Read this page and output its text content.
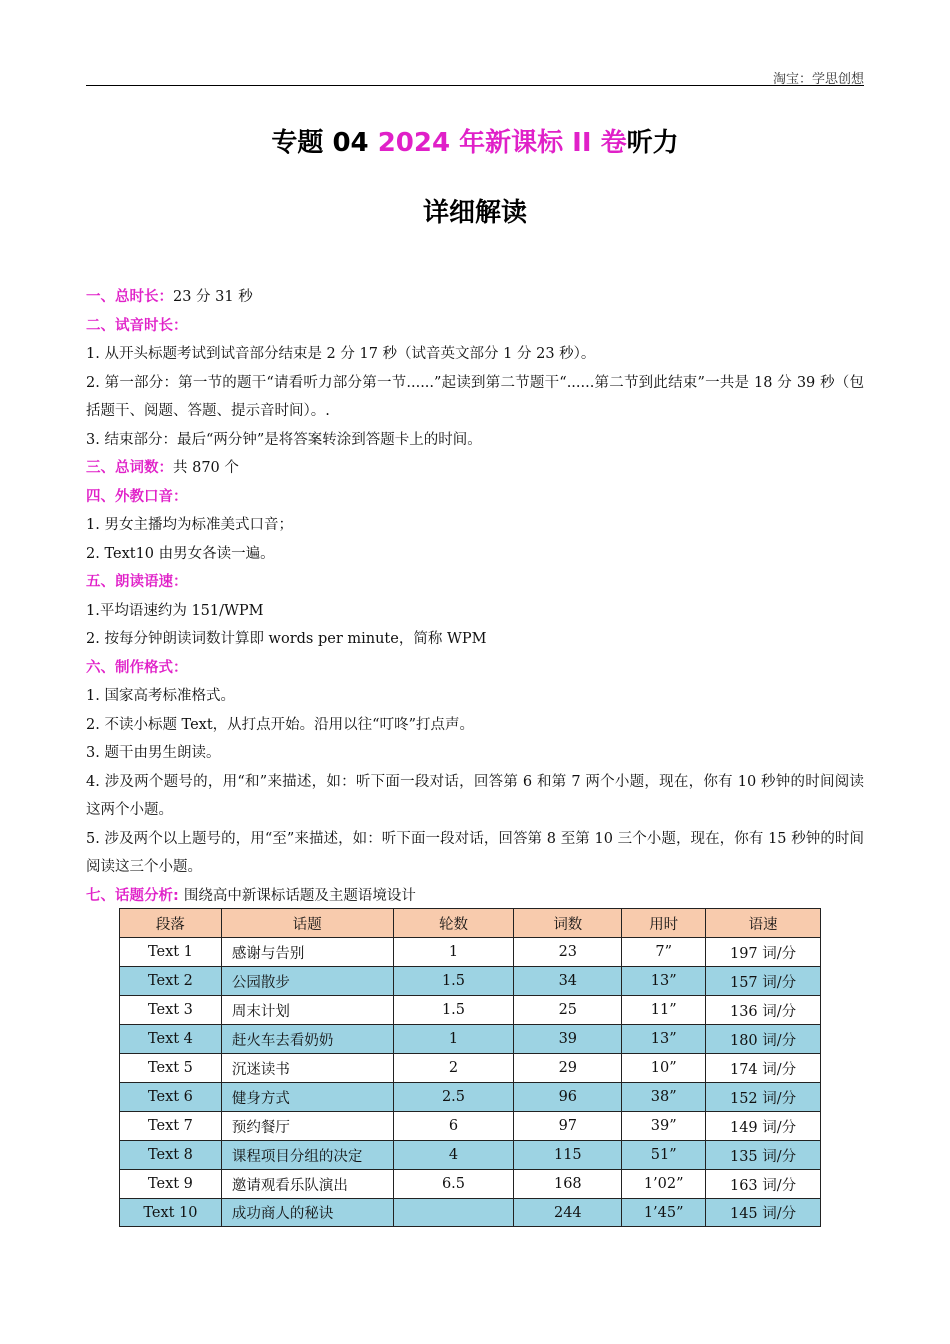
淘宝：学思创想
专题 04 2024 年新课标 II 卷听力
详细解读
一、总时长：23 分 31 秒
二、试音时长：
1. 从开头标题考试到试音部分结束是 2 分 17 秒（试音英文部分 1 分 23 秒）。
2. 第一部分：第一节的题干“请看听力部分第一节......”起读到第二节题干“......第二节到此结束”一共是 18 分 39 秒（包括题干、阅题、答题、提示音时间）。.
3. 结束部分：最后“两分钟”是将答案转涂到答题卡上的时间。
三、总词数：共 870 个
四、外教口音：
1. 男女主播均为标准美式口音；
2. Text10 由男女各读一遍。
五、朗读语速：
1.平均语速约为 151/WPM
2. 按每分钟朗读词数计算即 words per minute，简称 WPM
六、制作格式：
1. 国家高考标准格式。
2. 不读小标题 Text，从打点开始。沿用以往“叮咚”打点声。
3. 题干由男生朗读。
4. 涉及两个题号的，用“和”来描述，如：听下面一段对话，回答第 6 和第 7 两个小题，现在，你有 10 秒钟的时间阅读这两个小题。
5. 涉及两个以上题号的，用“至”来描述，如：听下面一段对话，回答第 8 至第 10 三个小题，现在，你有 15 秒钟的时间阅读这三个小题。
七、话题分析: 围绕高中新课标话题及主题语境设计
段落	话题	轮数	词数	用时	语速
Text 1	感谢与告别	1	23	7”	197 词/分
Text 2	公园散步	1.5	34	13”	157 词/分
Text 3	周末计划	1.5	25	11”	136 词/分
Text 4	赶火车去看奶奶	1	39	13”	180 词/分
Text 5	沉迷读书	2	29	10”	174 词/分
Text 6	健身方式	2.5	96	38”	152 词/分
Text 7	预约餐厅	6	97	39”	149 词/分
Text 8	课程项目分组的决定	4	115	51”	135 词/分
Text 9	邀请观看乐队演出	6.5	168	1’02”	163 词/分
Text 10	成功商人的秘诀		244	1’45”	145 词/分
